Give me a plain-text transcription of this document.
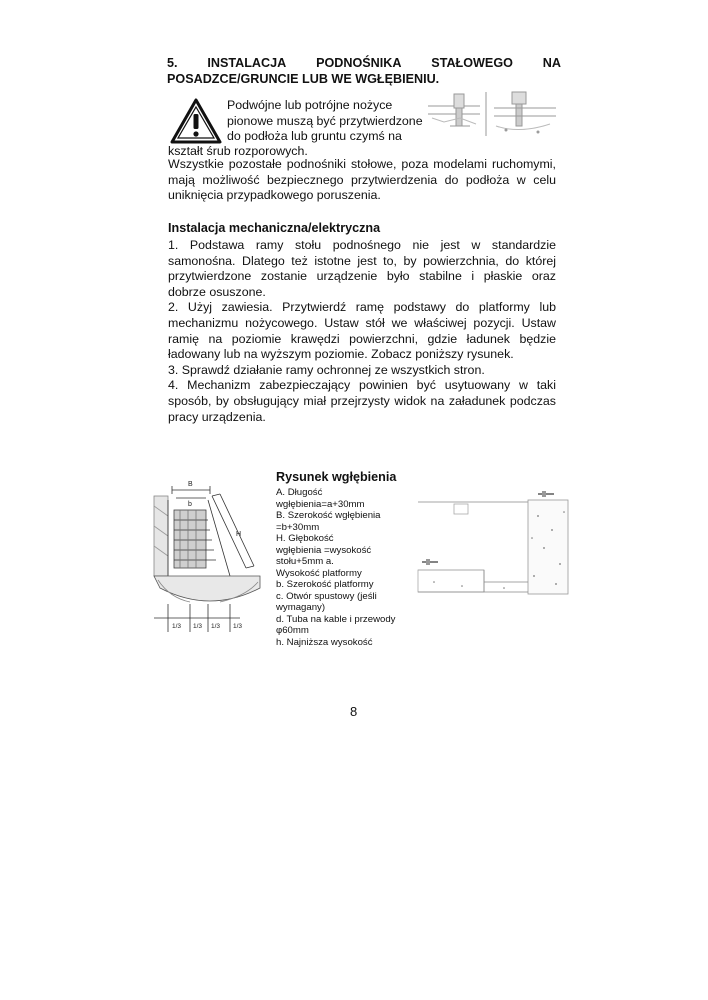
5. INSTALACJA PODNOŚNIKA STAŁOWEGO NA
POSADZCE/GRUNCIE LUB WE WGŁĘBIENIU.
Podwójne lub potrójne nożyce
pionowe muszą być przytwierdzone
do podłoża lub gruntu czymś na
kształt śrub rozporowych.
Wszystkie pozostałe podnośniki stołowe, poza modelami ruchomymi,
mają możliwość bezpiecznego przytwierdzenia do podłoża w celu
uniknięcia przypadkowego poruszenia.
Instalacja mechaniczna/elektryczna

1. Podstawa ramy stołu podnośnego nie jest w standardzie
samonośna. Dlatego też istotne jest to, by powierzchnia, do której
przytwierdzone zostanie urządzenie było stabilne i płaskie oraz
dobrze osuszone.

2. Użyj zawiesia. Przytwierdź ramę podstawy do platformy lub
mechanizmu nożycowego. Ustaw stół we właściwej pozycji. Ustaw
ramię na poziomie krawędzi powierzchni, gdzie ładunek będzie
ładowany lub na wyższym poziomie. Zobacz poniższy rysunek.

3. Sprawdź działanie ramy ochronnej ze wszystkich stron.

4. Mechanizm zabezpieczający powinien być usytuowany w taki
sposób, by obsługujący miał przejrzysty widok na załadunek podczas
pracy urządzenia.

B
b
H
1/3 1/3 1/3 1/3
Rysunek wgłębienia
A. Długość
wgłębienia=a+30mm
B. Szerokość wgłębienia
=b+30mm
H. Głębokość
wgłębienia =wysokość
stołu+5mm a.
Wysokość platformy
b. Szerokość platformy
c. Otwór spustowy (jeśli
wymagany)
d. Tuba na kable i przewody
φ60mm
h. Najniższa wysokość
8
